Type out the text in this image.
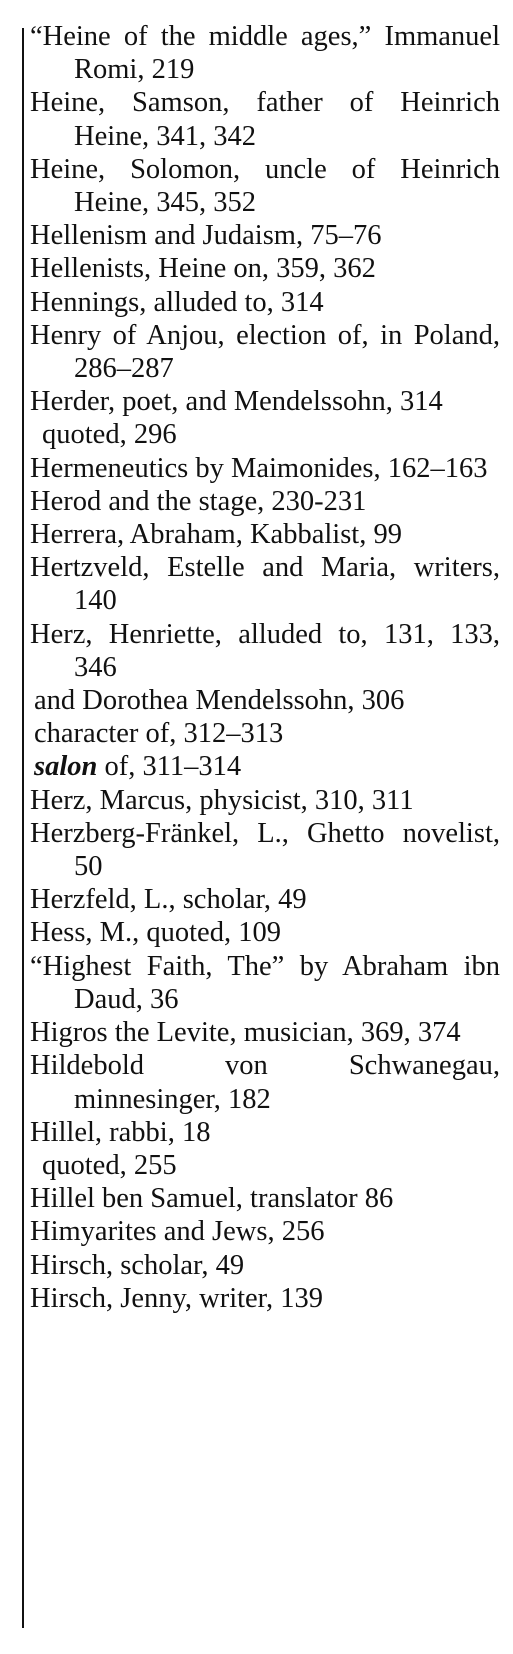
“Heine of the middle ages,” Immanuel Romi, 219

Heine, Samson, father of Heinrich Heine, 341, 342

Heine, Solomon, uncle of Heinrich Heine, 345, 352

Hellenism and Judaism, 75–76

Hellenists, Heine on, 359, 362

Hennings, alluded to, 314

Henry of Anjou, election of, in Poland, 286–287

Herder, poet, and Mendelssohn, 314

quoted, 296

Hermeneutics by Maimonides, 162–163

Herod and the stage, 230-231

Herrera, Abraham, Kabbalist, 99

Hertzveld, Estelle and Maria, writers, 140

Herz, Henriette, alluded to, 131, 133, 346

and Dorothea Mendelssohn, 306

character of, 312–313

salon of, 311–314

Herz, Marcus, physicist, 310, 311

Herzberg-Fränkel, L., Ghetto novelist, 50

Herzfeld, L., scholar, 49

Hess, M., quoted, 109

“Highest Faith, The” by Abraham ibn Daud, 36

Higros the Levite, musician, 369, 374

Hildebold von Schwanegau, minnesinger, 182

Hillel, rabbi, 18

quoted, 255

Hillel ben Samuel, translator 86

Himyarites and Jews, 256

Hirsch, scholar, 49

Hirsch, Jenny, writer, 139
